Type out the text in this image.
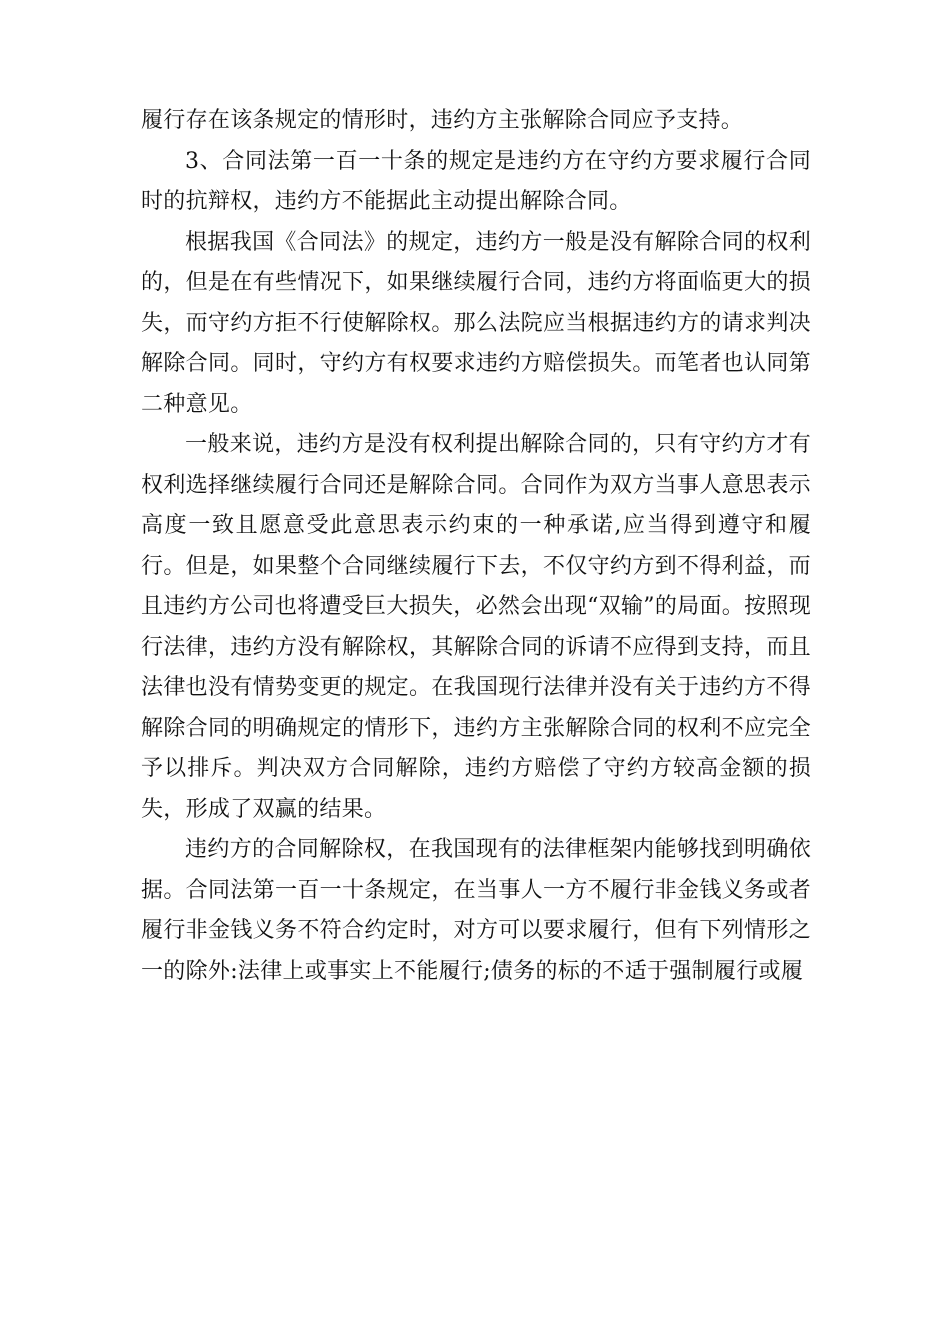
履行存在该条规定的情形时，违约方主张解除合同应予支持。

3、合同法第一百一十条的规定是违约方在守约方要求履行合同时的抗辩权，违约方不能据此主动提出解除合同。

根据我国《合同法》的规定，违约方一般是没有解除合同的权利的，但是在有些情况下，如果继续履行合同，违约方将面临更大的损失，而守约方拒不行使解除权。那么法院应当根据违约方的请求判决解除合同。同时，守约方有权要求违约方赔偿损失。而笔者也认同第二种意见。

一般来说，违约方是没有权利提出解除合同的，只有守约方才有权利选择继续履行合同还是解除合同。合同作为双方当事人意思表示高度一致且愿意受此意思表示约束的一种承诺,应当得到遵守和履行。但是，如果整个合同继续履行下去，不仅守约方到不得利益，而且违约方公司也将遭受巨大损失，必然会出现“双输”的局面。按照现行法律，违约方没有解除权，其解除合同的诉请不应得到支持，而且法律也没有情势变更的规定。在我国现行法律并没有关于违约方不得解除合同的明确规定的情形下，违约方主张解除合同的权利不应完全予以排斥。判决双方合同解除，违约方赔偿了守约方较高金额的损失，形成了双赢的结果。

违约方的合同解除权，在我国现有的法律框架内能够找到明确依据。合同法第一百一十条规定，在当事人一方不履行非金钱义务或者履行非金钱义务不符合约定时，对方可以要求履行，但有下列情形之一的除外:法律上或事实上不能履行;债务的标的不适于强制履行或履
